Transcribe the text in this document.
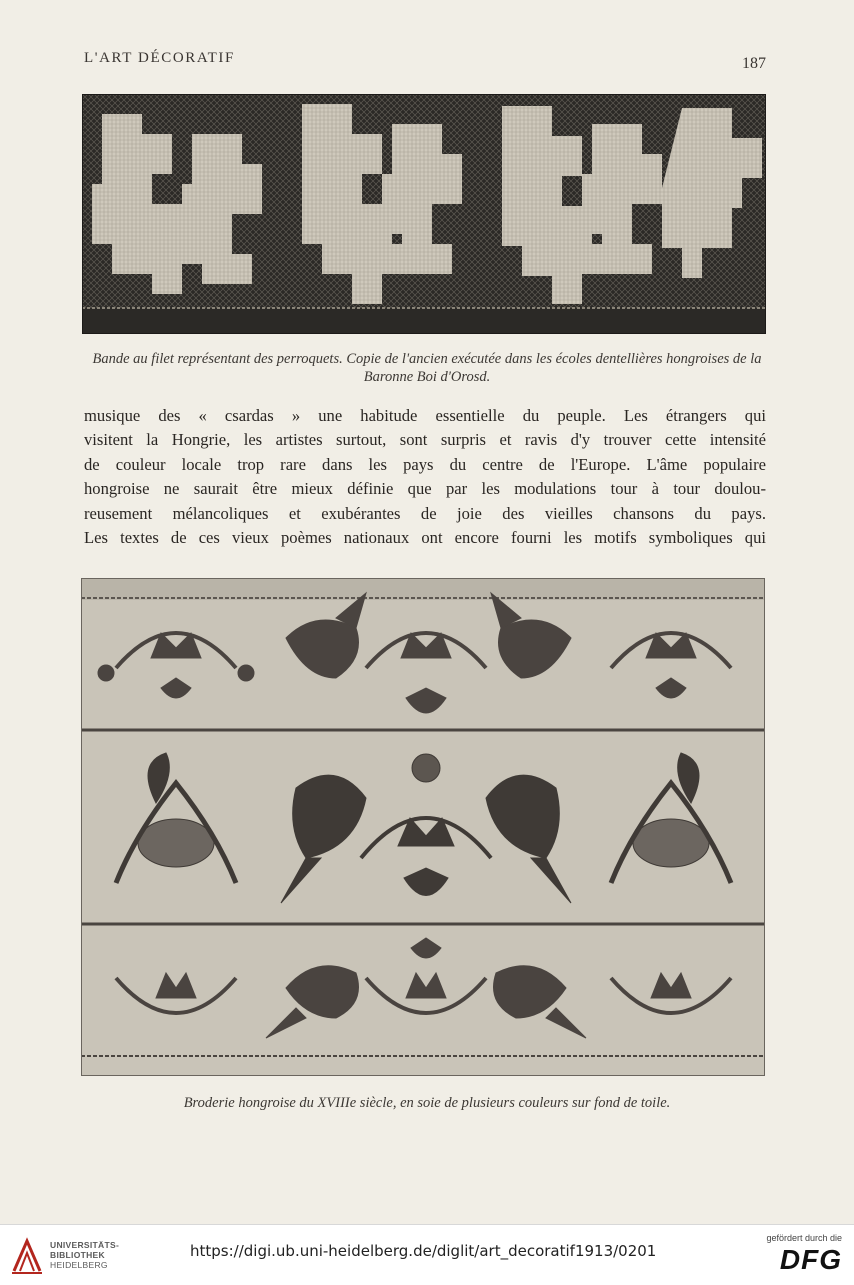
L'ART DÉCORATIF	187
Bande au filet représentant des perroquets. Copie de l'ancien exécutée dans les écoles dentellières hongroises de la Baronne Boi d'Orosd.

musique des « csardas » une habitude essentielle du peuple. Les étrangers qui
visitent la Hongrie, les artistes surtout, sont surpris et ravis d'y trouver cette intensité
de couleur locale trop rare dans les pays du centre de l'Europe. L'âme populaire
hongroise ne saurait être mieux définie que par les modulations tour à tour doulou-
reusement mélancoliques et exubérantes de joie des vieilles chansons du pays.
Les textes de ces vieux poèmes nationaux ont encore fourni les motifs symboliques qui

Broderie hongroise du XVIIIe siècle, en soie de plusieurs couleurs sur fond de toile.
UNIVERSITÄTS-
BIBLIOTHEK
HEIDELBERG
https://digi.ub.uni-heidelberg.de/diglit/art_decoratif1913/0201
gefördert durch die
DFG
